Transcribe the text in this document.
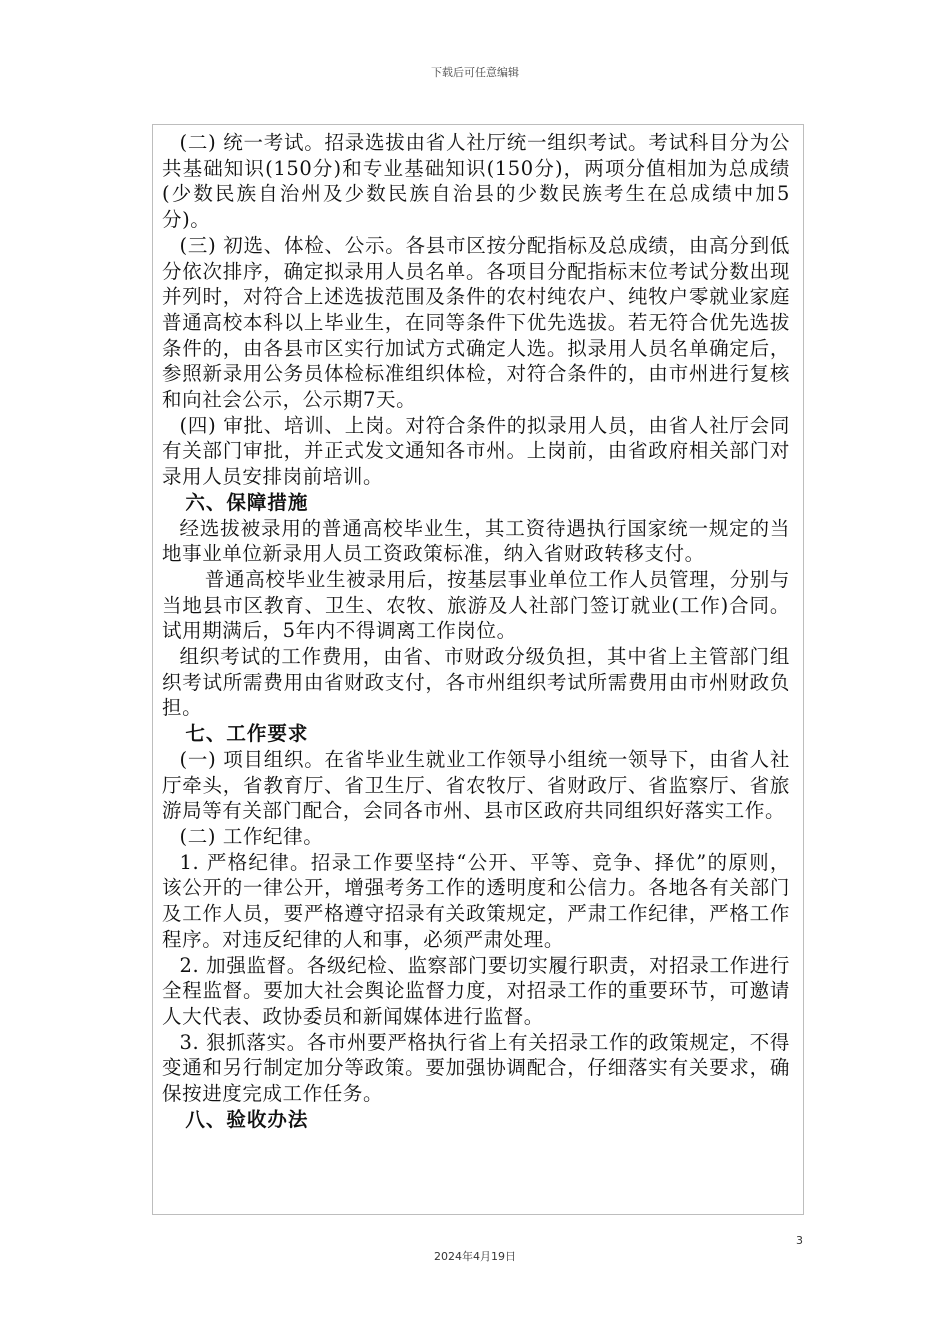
下载后可任意编辑

(二) 统一考试。招录选拔由省人社厅统一组织考试。考试科目分为公共基础知识(150分)和专业基础知识(150分)，两项分值相加为总成绩(少数民族自治州及少数民族自治县的少数民族考生在总成绩中加5分)。

(三) 初选、体检、公示。各县市区按分配指标及总成绩，由高分到低分依次排序，确定拟录用人员名单。各项目分配指标末位考试分数出现并列时，对符合上述选拔范围及条件的农村纯农户、纯牧户零就业家庭普通高校本科以上毕业生，在同等条件下优先选拔。若无符合优先选拔条件的，由各县市区实行加试方式确定人选。拟录用人员名单确定后，参照新录用公务员体检标准组织体检，对符合条件的，由市州进行复核和向社会公示，公示期7天。

(四) 审批、培训、上岗。对符合条件的拟录用人员，由省人社厅会同有关部门审批，并正式发文通知各市州。上岗前，由省政府相关部门对录用人员安排岗前培训。

六、保障措施

经选拔被录用的普通高校毕业生，其工资待遇执行国家统一规定的当地事业单位新录用人员工资政策标准，纳入省财政转移支付。

普通高校毕业生被录用后，按基层事业单位工作人员管理，分别与当地县市区教育、卫生、农牧、旅游及人社部门签订就业(工作)合同。试用期满后，5年内不得调离工作岗位。

组织考试的工作费用，由省、市财政分级负担，其中省上主管部门组织考试所需费用由省财政支付，各市州组织考试所需费用由市州财政负担。

七、工作要求

(一) 项目组织。在省毕业生就业工作领导小组统一领导下，由省人社厅牵头，省教育厅、省卫生厅、省农牧厅、省财政厅、省监察厅、省旅游局等有关部门配合，会同各市州、县市区政府共同组织好落实工作。

(二) 工作纪律。

1. 严格纪律。招录工作要坚持“公开、平等、竞争、择优”的原则，该公开的一律公开，增强考务工作的透明度和公信力。各地各有关部门及工作人员，要严格遵守招录有关政策规定，严肃工作纪律，严格工作程序。对违反纪律的人和事，必须严肃处理。

2. 加强监督。各级纪检、监察部门要切实履行职责，对招录工作进行全程监督。要加大社会舆论监督力度，对招录工作的重要环节，可邀请人大代表、政协委员和新闻媒体进行监督。

3. 狠抓落实。各市州要严格执行省上有关招录工作的政策规定，不得变通和另行制定加分等政策。要加强协调配合，仔细落实有关要求，确保按进度完成工作任务。

八、验收办法

3
2024年4月19日
